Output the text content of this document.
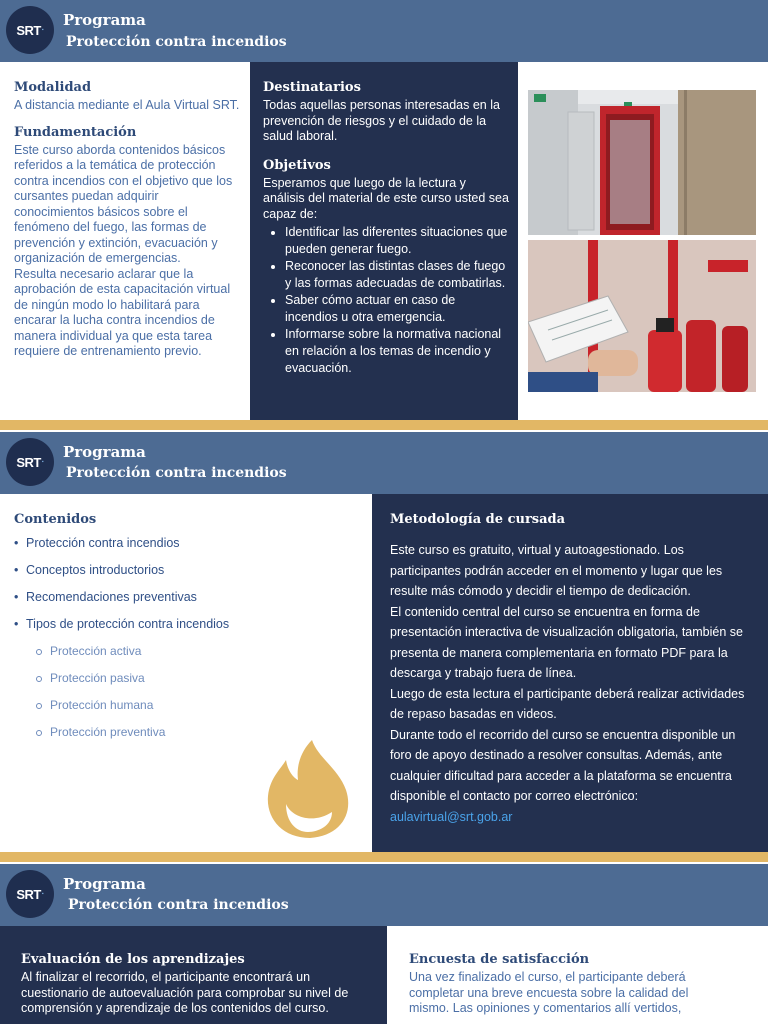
SRT ▪
Programa
Protección contra incendios

Modalidad

A distancia mediante el Aula Virtual SRT.

Fundamentación

Este curso aborda contenidos básicos referidos a la temática de protección contra incendios con el objetivo que los cursantes puedan adquirir conocimientos básicos sobre el fenómeno del fuego, las formas de prevención y extinción, evacuación y organización de emergencias.

Resulta necesario aclarar que la aprobación de esta capacitación virtual de ningún modo lo habilitará para encarar la lucha contra incendios de manera individual ya que esta tarea requiere de entrenamiento previo.

Destinatarios

Todas aquellas personas interesadas en la prevención de riesgos y el cuidado de la salud laboral.

Objetivos

Esperamos que luego de la lectura y análisis del material de este curso usted sea capaz de:

• Identificar las diferentes situaciones que pueden generar fuego.
• Reconocer las distintas clases de fuego y las formas adecuadas de combatirlas.
• Saber cómo actuar en caso de incendios u otra emergencia.
• Informarse sobre la normativa nacional en relación a los temas de incendio y evacuación.
SRT ▪
Programa
Protección contra incendios

Contenidos

• Protección contra incendios
• Conceptos introductorios
• Recomendaciones preventivas
• Tipos de protección contra incendios
Protección activa
Protección pasiva
Protección humana
Protección preventiva

Metodología de cursada

Este curso es gratuito, virtual y autoagestionado. Los participantes podrán acceder en el momento y lugar que les resulte más cómodo y decidir el tiempo de dedicación.

El contenido central del curso se encuentra en forma de presentación interactiva de visualización obligatoria, también se presenta de manera complementaria en formato PDF para la descarga y trabajo fuera de línea.

Luego de esta lectura el participante deberá realizar actividades de repaso basadas en videos.

Durante todo el recorrido del curso se encuentra disponible un foro de apoyo destinado a resolver consultas. Además, ante cualquier dificultad para acceder a la plataforma se encuentra disponible el contacto por correo electrónico: aulavirtual@srt.gob.ar

SRT ▪
Programa
Protección contra incendios

Evaluación de los aprendizajes

Al finalizar el recorrido, el participante encontrará un cuestionario de autoevaluación para comprobar su nivel de comprensión y aprendizaje de los contenidos del curso.

Encuesta de satisfacción

Una vez finalizado el curso, el participante deberá completar una breve encuesta sobre la calidad del mismo. Las opiniones y comentarios allí vertidos,
